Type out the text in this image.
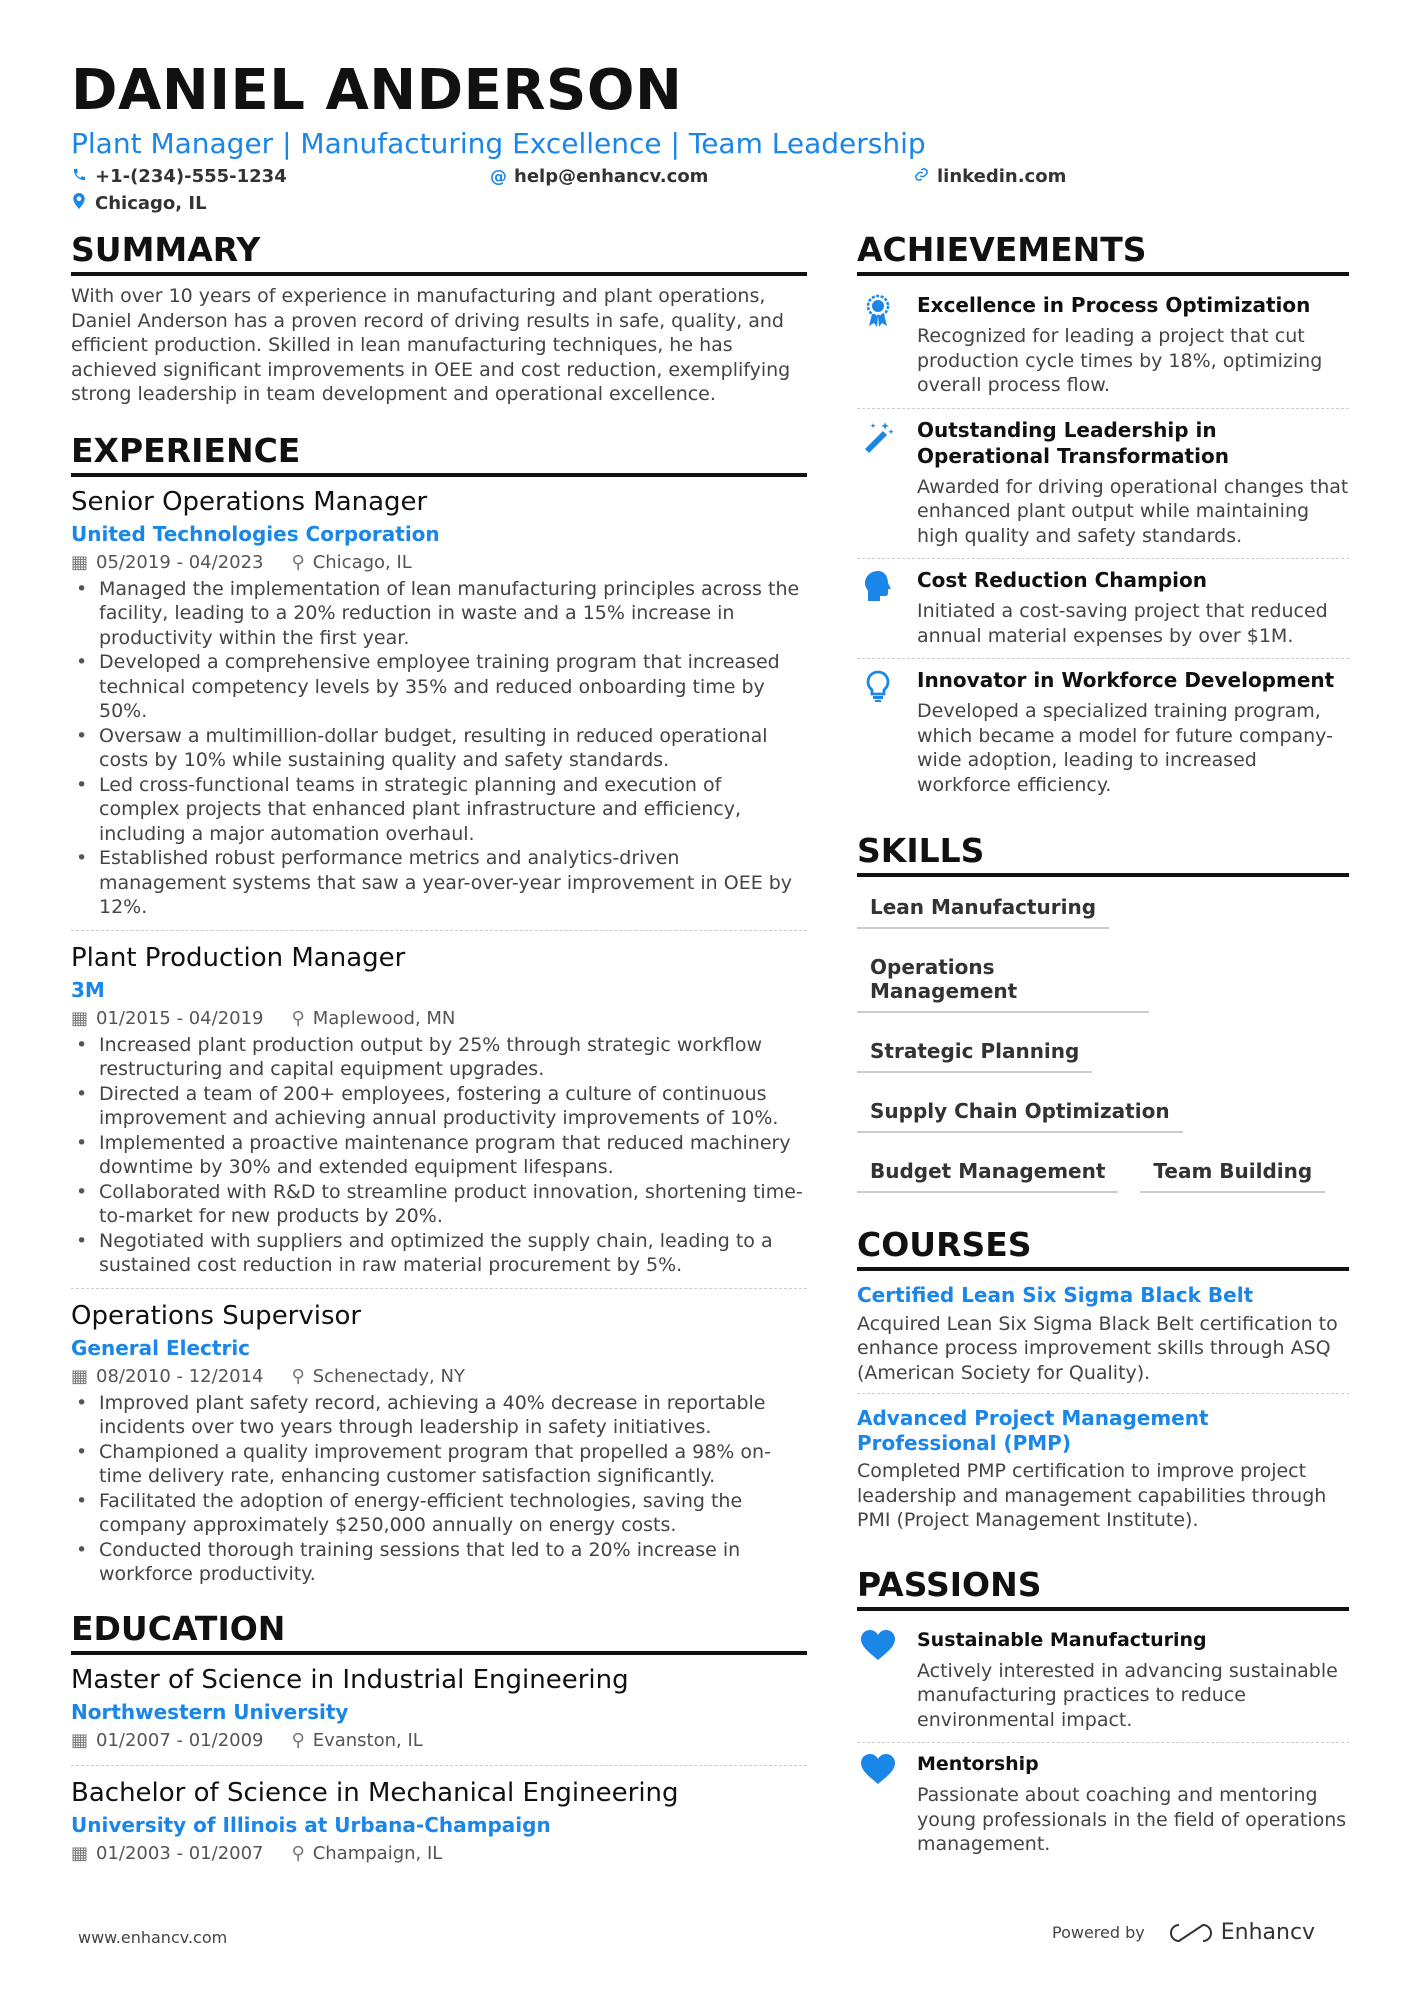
DANIEL ANDERSON
Plant Manager | Manufacturing Excellence | Team Leadership
+1-(234)-555-1234	@ help@enhancv.com	linkedin.com
Chicago, IL
SUMMARY
With over 10 years of experience in manufacturing and plant operations, Daniel Anderson has a proven record of driving results in safe, quality, and efficient production. Skilled in lean manufacturing techniques, he has achieved significant improvements in OEE and cost reduction, exemplifying strong leadership in team development and operational excellence.
EXPERIENCE
Senior Operations Manager
United Technologies Corporation
▦ 05/2019 - 04/2023 ⚲ Chicago, IL
• Managed the implementation of lean manufacturing principles across the facility, leading to a 20% reduction in waste and a 15% increase in productivity within the first year.
• Developed a comprehensive employee training program that increased technical competency levels by 35% and reduced onboarding time by 50%.
• Oversaw a multimillion-dollar budget, resulting in reduced operational costs by 10% while sustaining quality and safety standards.
• Led cross-functional teams in strategic planning and execution of complex projects that enhanced plant infrastructure and efficiency, including a major automation overhaul.
• Established robust performance metrics and analytics-driven management systems that saw a year-over-year improvement in OEE by 12%.
Plant Production Manager
3M
▦ 01/2015 - 04/2019 ⚲ Maplewood, MN
• Increased plant production output by 25% through strategic workflow restructuring and capital equipment upgrades.
• Directed a team of 200+ employees, fostering a culture of continuous improvement and achieving annual productivity improvements of 10%.
• Implemented a proactive maintenance program that reduced machinery downtime by 30% and extended equipment lifespans.
• Collaborated with R&D to streamline product innovation, shortening time-to-market for new products by 20%.
• Negotiated with suppliers and optimized the supply chain, leading to a sustained cost reduction in raw material procurement by 5%.
Operations Supervisor
General Electric
▦ 08/2010 - 12/2014 ⚲ Schenectady, NY
• Improved plant safety record, achieving a 40% decrease in reportable incidents over two years through leadership in safety initiatives.
• Championed a quality improvement program that propelled a 98% on-time delivery rate, enhancing customer satisfaction significantly.
• Facilitated the adoption of energy-efficient technologies, saving the company approximately $250,000 annually on energy costs.
• Conducted thorough training sessions that led to a 20% increase in workforce productivity.
EDUCATION
Master of Science in Industrial Engineering
Northwestern University
▦ 01/2007 - 01/2009 ⚲ Evanston, IL
Bachelor of Science in Mechanical Engineering
University of Illinois at Urbana-Champaign
▦ 01/2003 - 01/2007 ⚲ Champaign, IL
ACHIEVEMENTS
Excellence in Process Optimization
Recognized for leading a project that cut production cycle times by 18%, optimizing overall process flow.
Outstanding Leadership in Operational Transformation
Awarded for driving operational changes that enhanced plant output while maintaining high quality and safety standards.
Cost Reduction Champion
Initiated a cost-saving project that reduced annual material expenses by over $1M.
Innovator in Workforce Development
Developed a specialized training program, which became a model for future company-wide adoption, leading to increased workforce efficiency.
SKILLS
Lean Manufacturing
Operations Management
Strategic Planning
Supply Chain Optimization
Budget Management	Team Building
COURSES
Certified Lean Six Sigma Black Belt
Acquired Lean Six Sigma Black Belt certification to enhance process improvement skills through ASQ (American Society for Quality).
Advanced Project Management Professional (PMP)
Completed PMP certification to improve project leadership and management capabilities through PMI (Project Management Institute).
PASSIONS
Sustainable Manufacturing
Actively interested in advancing sustainable manufacturing practices to reduce environmental impact.
Mentorship
Passionate about coaching and mentoring young professionals in the field of operations management.
www.enhancv.com	Powered by	Enhancv
